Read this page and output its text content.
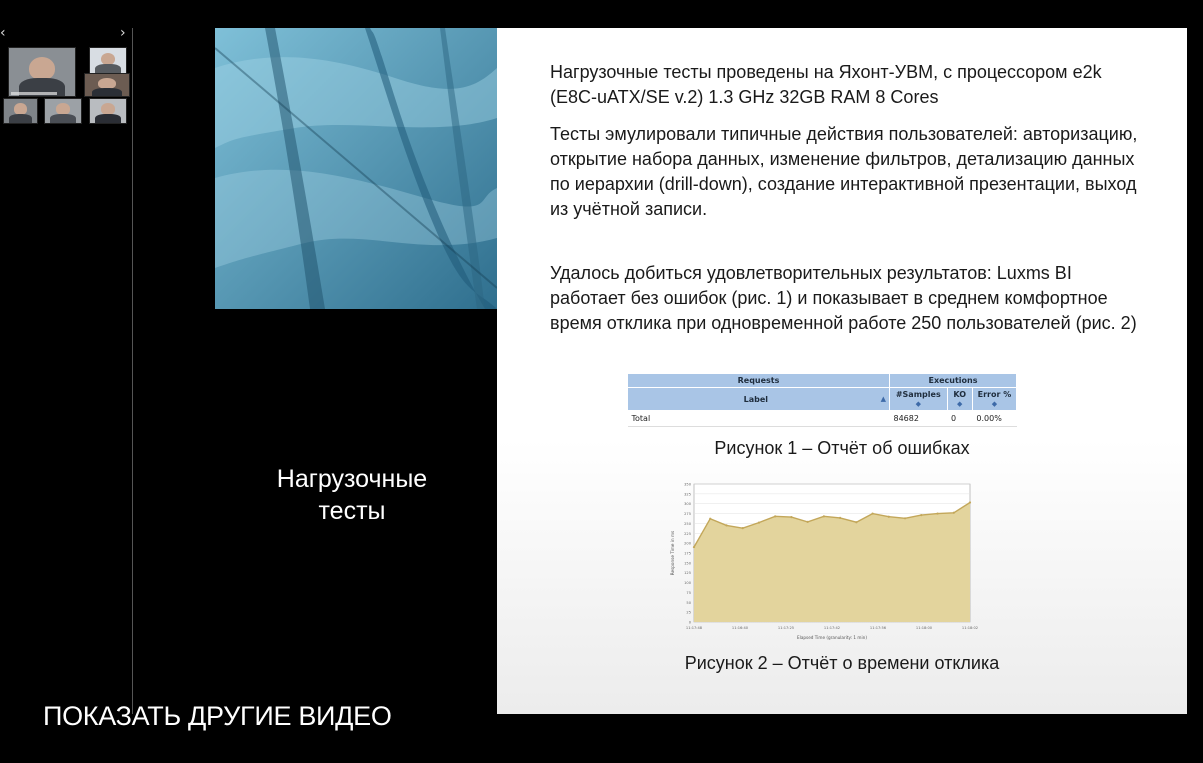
‹	›
Нагрузочные
тесты
Нагрузочные тесты проведены на Яхонт-УВМ, с процессором e2k (E8C-uATX/SE v.2) 1.3 GHz 32GB RAM 8 Cores
Тесты эмулировали типичные действия пользователей: авторизацию, открытие набора данных, изменение фильтров, детализацию данных по иерархии (drill-down), создание интерактивной презентации, выход из учётной записи.
Удалось добиться удовлетворительных результатов: Luxms BI работает без ошибок (рис. 1) и показывает в среднем комфортное время отклика при одновременной работе 250 пользователей (рис. 2)
Requests	Executions		
Label ▲	#Samples ◆	KO ◆	Error % ◆
Total	84682	0	0.00%
Рисунок 1 – Отчёт об ошибках
0
25
50
75
100
125
150
175
200
225
250
275
300
325
350
11:17:48	11:16:40	11:17:25	11:17:42	11:17:56	11:18:00	11:18:02
Elapsed Time (granularity: 1 min)
Response Time in ms
Рисунок 2 – Отчёт о времени отклика
ПОКАЗАТЬ ДРУГИЕ ВИДЕО
